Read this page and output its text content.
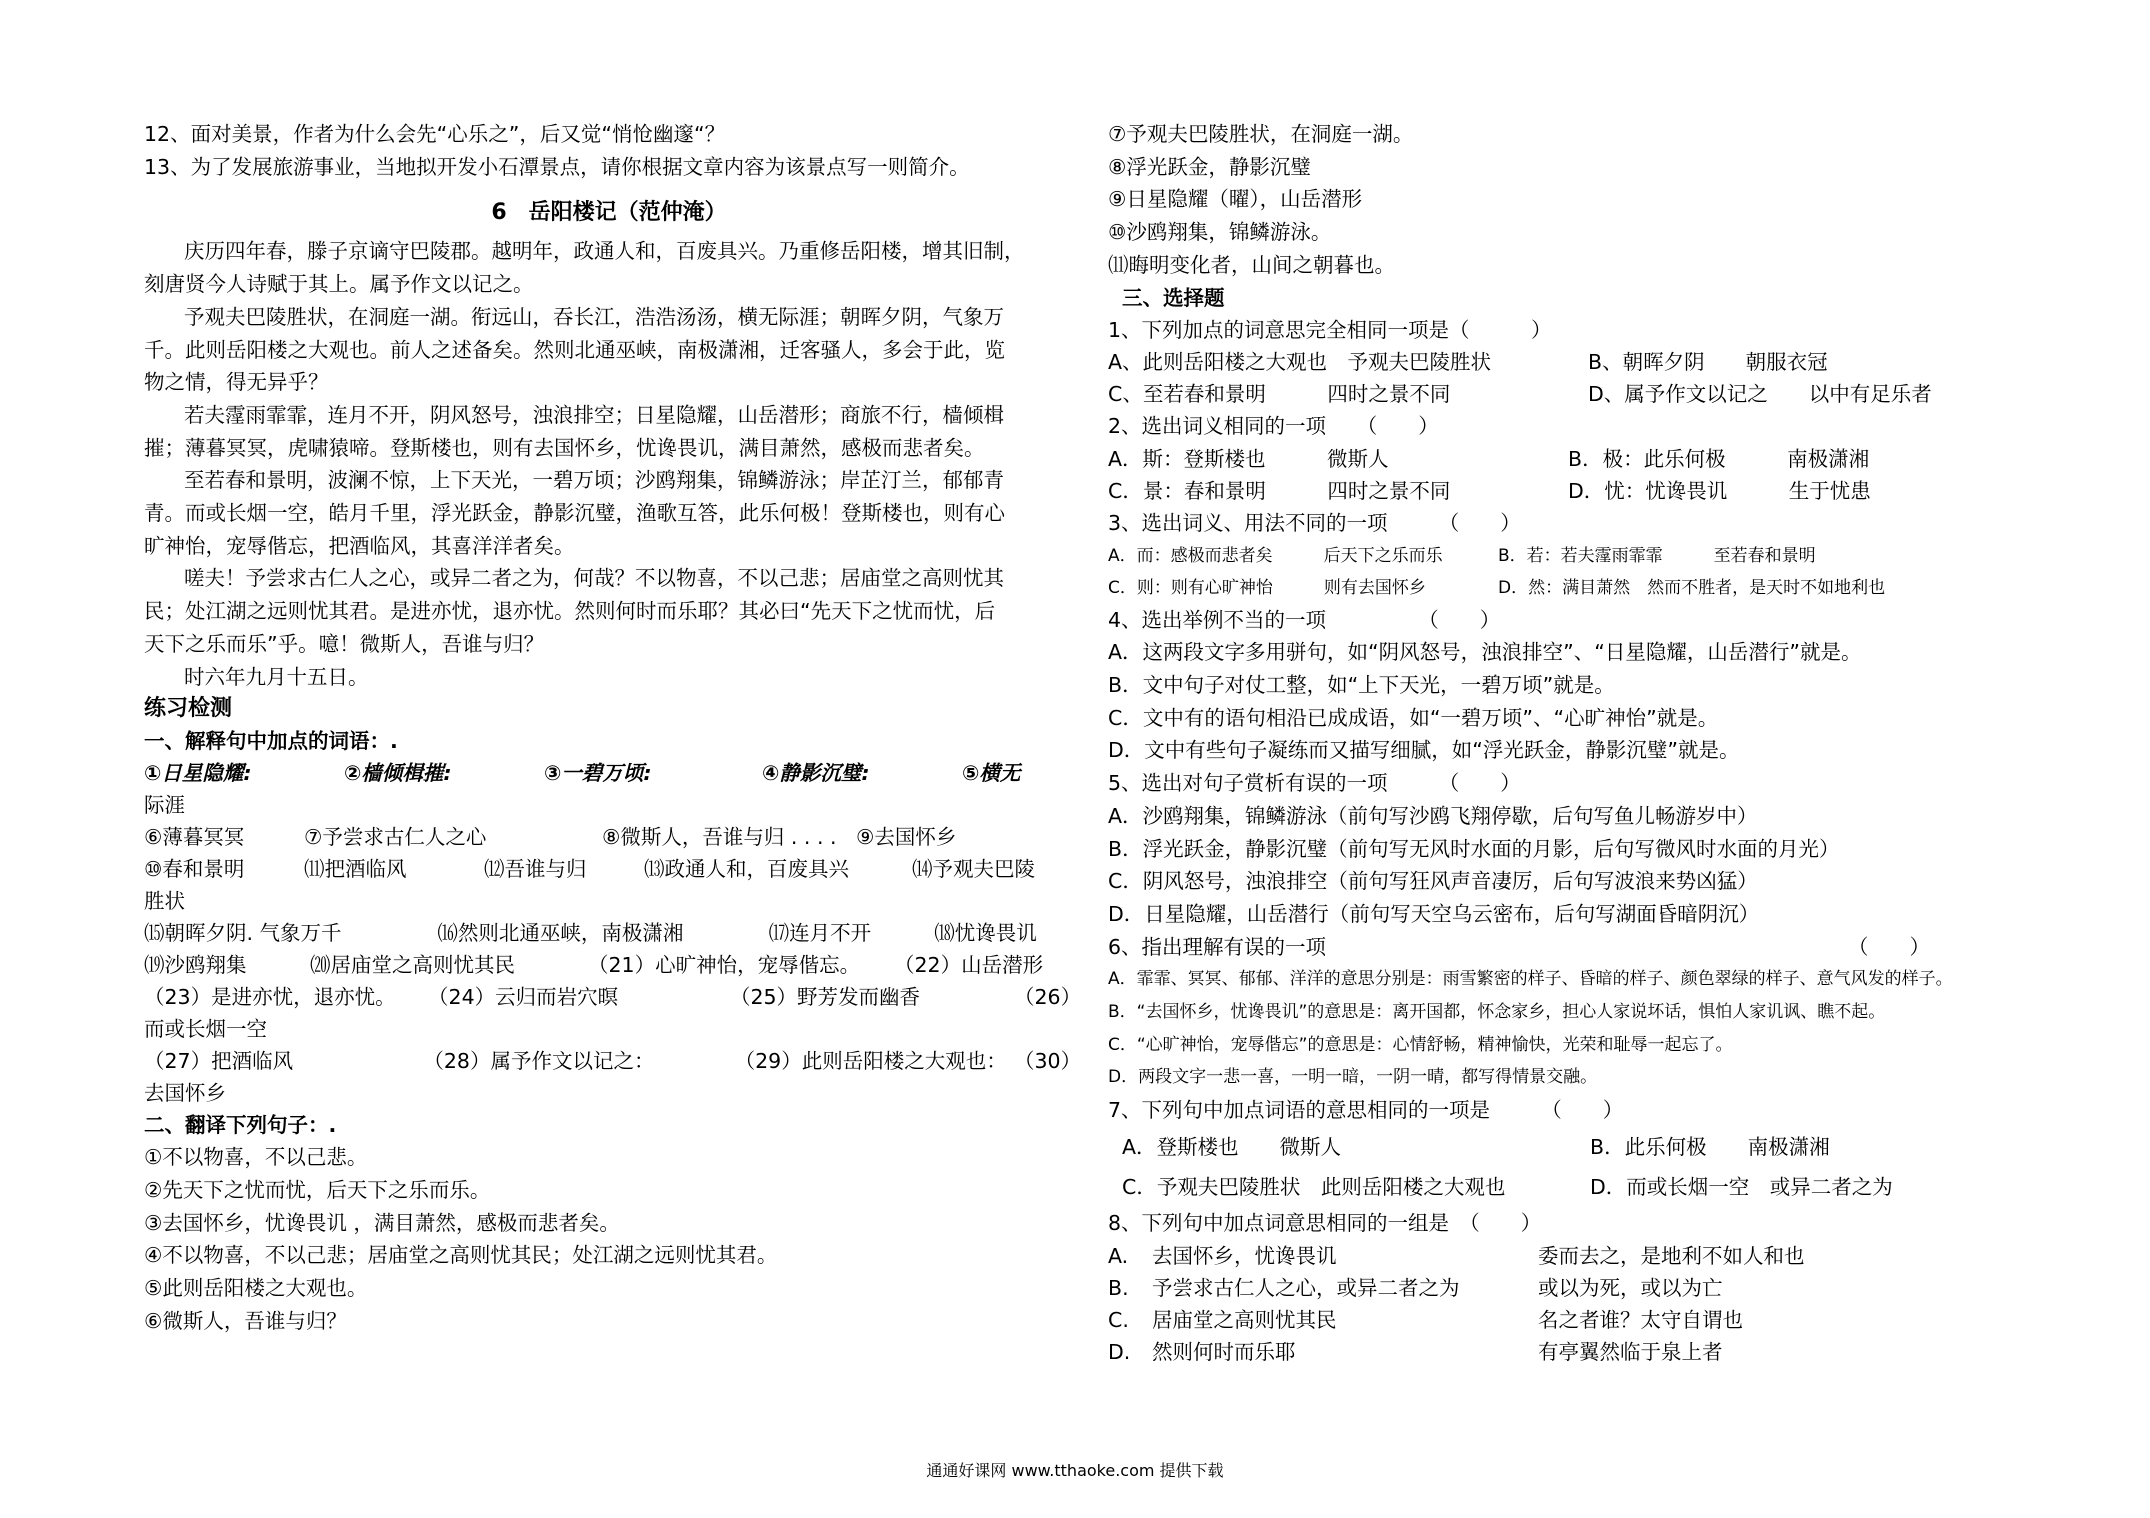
12、面对美景，作者为什么会先“心乐之”，后又觉“悄怆幽邃“？
13、为了发展旅游事业，当地拟开发小石潭景点，请你根据文章内容为该景点写一则简介。
6　岳阳楼记（范仲淹）
庆历四年春，滕子京谪守巴陵郡。越明年，政通人和，百废具兴。乃重修岳阳楼，增其旧制，
刻唐贤今人诗赋于其上。属予作文以记之。
予观夫巴陵胜状，在洞庭一湖。衔远山，吞长江，浩浩汤汤，横无际涯；朝晖夕阴，气象万
千。此则岳阳楼之大观也。前人之述备矣。然则北通巫峡，南极潇湘，迁客骚人，多会于此，览
物之情，得无异乎？
若夫霪雨霏霏，连月不开，阴风怒号，浊浪排空；日星隐耀，山岳潜形；商旅不行，樯倾楫
摧；薄暮冥冥，虎啸猿啼。登斯楼也，则有去国怀乡，忧谗畏讥，满目萧然，感极而悲者矣。
至若春和景明，波澜不惊，上下天光，一碧万顷；沙鸥翔集，锦鳞游泳；岸芷汀兰，郁郁青
青。而或长烟一空，皓月千里，浮光跃金，静影沉璧，渔歌互答，此乐何极！登斯楼也，则有心
旷神怡，宠辱偕忘，把酒临风，其喜洋洋者矣。
嗟夫！予尝求古仁人之心，或异二者之为，何哉？不以物喜，不以己悲；居庙堂之高则忧其
民；处江湖之远则忧其君。是进亦忧，退亦忧。然则何时而乐耶？其必曰“先天下之忧而忧，后
天下之乐而乐”乎。噫！微斯人，吾谁与归？
时六年九月十五日。
练习检测
一、解释句中加点的词语：.
①日星隐耀:	②樯倾楫摧:	③一碧万顷:	④静影沉璧:	⑤横无
际涯
⑥薄暮冥冥	⑦予尝求古仁人之心	⑧微斯人，吾谁与归 . . . . ⑨去国怀乡
⑩春和景明	⑾把酒临风	⑿吾谁与归	⒀政通人和，百废具兴	⒁予观夫巴陵
胜状
⒂朝晖夕阴. 气象万千	⒃然则北通巫峡，南极潇湘	⒄连月不开	⒅忧谗畏讥
⒆沙鸥翔集	⒇居庙堂之高则忧其民	（21）心旷神怡，宠辱偕忘。	（22）山岳潜形
（23）是进亦忧，退亦忧。	（24）云归而岩穴暝	（25）野芳发而幽香	（26）
而或长烟一空
（27）把酒临风	（28）属予作文以记之：	（29）此则岳阳楼之大观也： （30）
去国怀乡
二、翻译下列句子：.
①不以物喜，不以己悲。
②先天下之忧而忧，后天下之乐而乐。
③去国怀乡，忧谗畏讥 ，满目萧然，感极而悲者矣。
④不以物喜，不以己悲；居庙堂之高则忧其民；处江湖之远则忧其君。
⑤此则岳阳楼之大观也。
⑥微斯人，吾谁与归？
⑦予观夫巴陵胜状，在洞庭一湖。
⑧浮光跃金，静影沉璧
⑨日星隐耀（曜），山岳潜形
⑩沙鸥翔集，锦鳞游泳。
⑾晦明变化者，山间之朝暮也。
三、选择题
1、下列加点的词意思完全相同一项是（　　　）
A、此则岳阳楼之大观也　予观夫巴陵胜状	B、朝晖夕阴　　朝服衣冠
C、至若春和景明　　　四时之景不同	D、属予作文以记之　　以中有足乐者
2、选出词义相同的一项　　（　　）
A．斯：登斯楼也　　　微斯人	B．极：此乐何极　　　南极潇湘
C．景：春和景明　　　四时之景不同	D．忧：忧谗畏讥　　　生于忧患
3、选出词义、用法不同的一项　　　（　　）
A．而：感极而悲者矣　　　后天下之乐而乐	B．若：若夫霪雨霏霏　　　至若春和景明
C．则：则有心旷神怡　　　则有去国怀乡	D．然：满目萧然　然而不胜者，是天时不如地利也
4、选出举例不当的一项　　　　　（　　）
A．这两段文字多用骈句，如“阴风怒号，浊浪排空”、“日星隐耀，山岳潜行”就是。
B．文中句子对仗工整，如“上下天光，一碧万顷”就是。
C．文中有的语句相沿已成成语，如“一碧万顷”、“心旷神怡”就是。
D．文中有些句子凝练而又描写细腻，如“浮光跃金，静影沉璧”就是。
5、选出对句子赏析有误的一项　　　（　　）
A．沙鸥翔集，锦鳞游泳（前句写沙鸥飞翔停歇，后句写鱼儿畅游岁中）
B．浮光跃金，静影沉璧（前句写无风时水面的月影，后句写微风时水面的月光）
C．阴风怒号，浊浪排空（前句写狂风声音凄厉，后句写波浪来势凶猛）
D．日星隐耀，山岳潜行（前句写天空乌云密布，后句写湖面昏暗阴沉）
6、指出理解有误的一项	（　　）
A．霏霏、冥冥、郁郁、洋洋的意思分别是：雨雪繁密的样子、昏暗的样子、颜色翠绿的样子、意气风发的样子。
B．“去国怀乡，忧谗畏讥”的意思是：离开国都，怀念家乡，担心人家说坏话，惧怕人家讥讽、瞧不起。
C．“心旷神怡，宠辱偕忘”的意思是：心情舒畅，精神愉快，光荣和耻辱一起忘了。
D．两段文字一悲一喜，一明一暗，一阴一晴，都写得情景交融。
7、下列句中加点词语的意思相同的一项是　　　（　　）
A．登斯楼也　　微斯人	B．此乐何极　　南极潇湘
C．予观夫巴陵胜状　此则岳阳楼之大观也	D．而或长烟一空　或异二者之为
8、下列句中加点词意思相同的一组是　（　　）
A.	去国怀乡，忧谗畏讥	委而去之，是地利不如人和也
B.	予尝求古仁人之心，或异二者之为	或以为死，或以为亡
C.	居庙堂之高则忧其民	名之者谁？太守自谓也
D.	然则何时而乐耶	有亭翼然临于泉上者
通通好课网 www.tthaoke.com 提供下载
